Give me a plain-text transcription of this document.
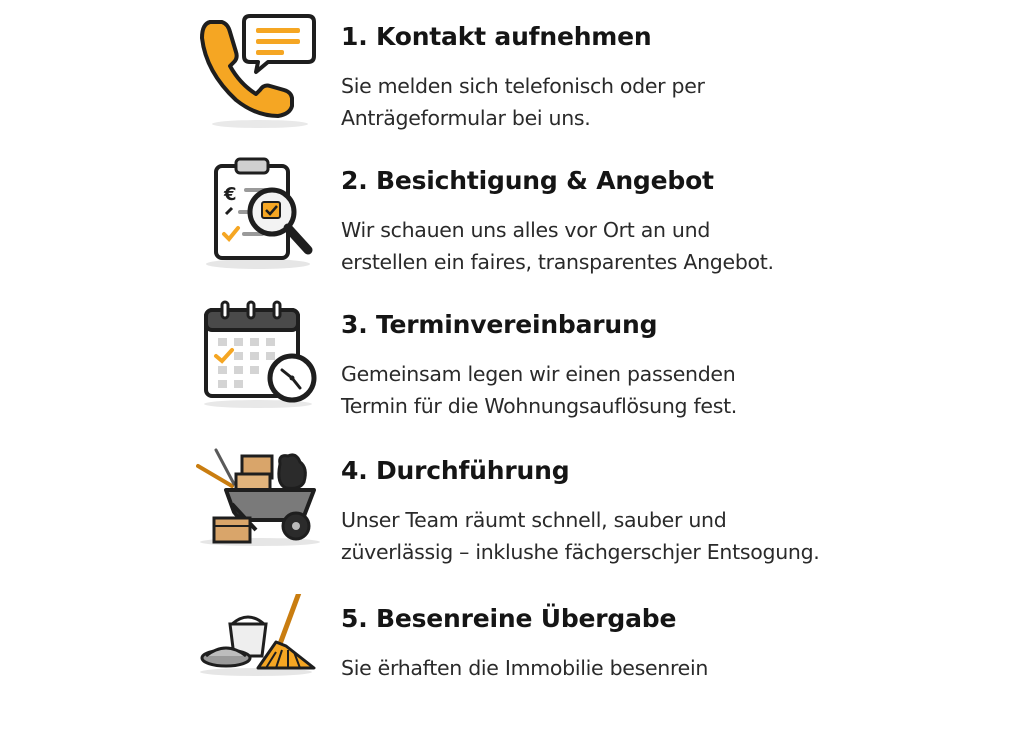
1. Kontakt aufnehmen

Sie melden sich telefonisch oder per
Anträgeformular bei uns.

€	2. Besichtigung & Angebot

Wir schauen uns alles vor Ort an und
erstellen ein faires, transparentes Angebot.

3. Terminvereinbarung

Gemeinsam legen wir einen passenden
Termin für die Wohnungsauflösung fest.

4. Durchführung

Unser Team räumt schnell, sauber und
züverlässig – inklushe fächgerschjer Entsogung.

5. Besenreine Übergabe

Sie ërhaften die Immobilie besenrein
